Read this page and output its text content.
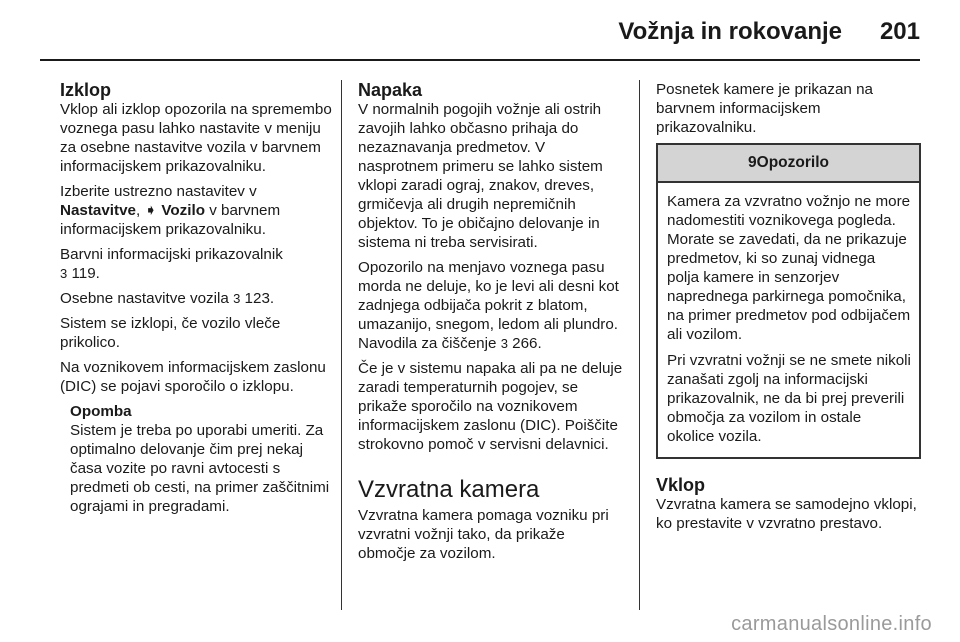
Vožnja in rokovanje 201
Izklop

Vklop ali izklop opozorila na spremembo voznega pasu lahko nastavite v meniju za osebne nastavitve vozila v barvnem informacijskem prikazovalniku.

Izberite ustrezno nastavitev v Nastavitve, ➧ Vozilo v barvnem informacijskem prikazovalniku.

Barvni informacijski prikazovalnik
3 119.

Osebne nastavitve vozila 3 123.

Sistem se izklopi, če vozilo vleče prikolico.

Na voznikovem informacijskem zaslonu (DIC) se pojavi sporočilo o izklopu.

Opomba
Sistem je treba po uporabi umeriti. Za optimalno delovanje čim prej nekaj časa vozite po ravni avtocesti s predmeti ob cesti, na primer zaščitnimi ograjami in pregradami.
Napaka

V normalnih pogojih vožnje ali ostrih zavojih lahko občasno prihaja do nezaznavanja predmetov. V nasprotnem primeru se lahko sistem vklopi zaradi ograj, znakov, dreves, grmičevja ali drugih nepremičnih objektov. To je običajno delovanje in sistema ni treba servisirati.

Opozorilo na menjavo voznega pasu morda ne deluje, ko je levi ali desni kot zadnjega odbijača pokrit z blatom, umazanijo, snegom, ledom ali plundro. Navodila za čiščenje 3 266.

Če je v sistemu napaka ali pa ne deluje zaradi temperaturnih pogojev, se prikaže sporočilo na voznikovem informacijskem zaslonu (DIC). Poiščite strokovno pomoč v servisni delavnici.

Vzvratna kamera

Vzvratna kamera pomaga vozniku pri vzvratni vožnji tako, da prikaže območje za vozilom.

Posnetek kamere je prikazan na barvnem informacijskem prikazovalniku.

9Opozorilo

Kamera za vzvratno vožnjo ne more nadomestiti voznikovega pogleda. Morate se zavedati, da ne prikazuje predmetov, ki so zunaj vidnega polja kamere in senzorjev naprednega parkirnega pomočnika, na primer predmetov pod odbijačem ali vozilom.

Pri vzvratni vožnji se ne smete nikoli zanašati zgolj na informacijski prikazovalnik, ne da bi prej preverili območja za vozilom in ostale okolice vozila.

Vklop

Vzvratna kamera se samodejno vklopi, ko prestavite v vzvratno prestavo.

carmanualsonline.info
